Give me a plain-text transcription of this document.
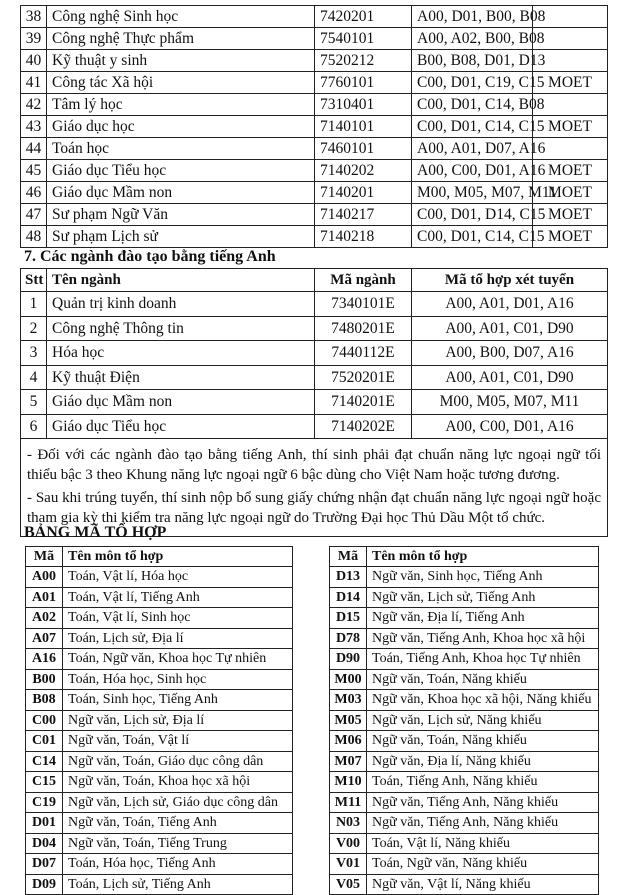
38	Công nghệ Sinh học	7420201	A00, D01, B00, B08	
39	Công nghệ Thực phẩm	7540101	A00, A02, B00, B08	
40	Kỹ thuật y sinh	7520212	B00, B08, D01, D13	
41	Công tác Xã hội	7760101	C00, D01, C19, C15	MOET
42	Tâm lý học	7310401	C00, D01, C14, B08	
43	Giáo dục học	7140101	C00, D01, C14, C15	MOET
44	Toán học	7460101	A00, A01, D07, A16	
45	Giáo dục Tiểu học	7140202	A00, C00, D01, A16	MOET
46	Giáo dục Mầm non	7140201	M00, M05, M07, M11	MOET
47	Sư phạm Ngữ Văn	7140217	C00, D01, D14, C15	MOET
48	Sư phạm Lịch sử	7140218	C00, D01, C14, C15	MOET
7. Các ngành đào tạo bằng tiếng Anh
Stt	Tên ngành	Mã ngành	Mã tổ hợp xét tuyển
1	Quản trị kinh doanh	7340101E	A00, A01, D01, A16
2	Công nghệ Thông tin	7480201E	A00, A01, C01, D90
3	Hóa học	7440112E	A00, B00, D07, A16
4	Kỹ thuật Điện	7520201E	A00, A01, C01, D90
5	Giáo dục Mầm non	7140201E	M00, M05, M07, M11
6	Giáo dục Tiểu học	7140202E	A00, C00, D01, A16

- Đối với các ngành đào tạo bằng tiếng Anh, thí sinh phải đạt chuẩn năng lực ngoại ngữ tối thiểu bậc 3 theo Khung năng lực ngoại ngữ 6 bậc dùng cho Việt Nam hoặc tương đương.

- Sau khi trúng tuyển, thí sinh nộp bổ sung giấy chứng nhận đạt chuẩn năng lực ngoại ngữ hoặc tham gia kỳ thi kiểm tra năng lực ngoại ngữ do Trường Đại học Thủ Dầu Một tổ chức.			

BẢNG MÃ TỔ HỢP
Mã	Tên môn tổ hợp
A00	Toán, Vật lí, Hóa học
A01	Toán, Vật lí, Tiếng Anh
A02	Toán, Vật lí, Sinh học
A07	Toán, Lịch sử, Địa lí
A16	Toán, Ngữ văn, Khoa học Tự nhiên
B00	Toán, Hóa học, Sinh học
B08	Toán, Sinh học, Tiếng Anh
C00	Ngữ văn, Lịch sử, Địa lí
C01	Ngữ văn, Toán, Vật lí
C14	Ngữ văn, Toán, Giáo dục công dân
C15	Ngữ văn, Toán, Khoa học xã hội
C19	Ngữ văn, Lịch sử, Giáo dục công dân
D01	Ngữ văn, Toán, Tiếng Anh
D04	Ngữ văn, Toán, Tiếng Trung
D07	Toán, Hóa học, Tiếng Anh
D09	Toán, Lịch sử, Tiếng Anh
Mã	Tên môn tổ hợp
D13	Ngữ văn, Sinh học, Tiếng Anh
D14	Ngữ văn, Lịch sử, Tiếng Anh
D15	Ngữ văn, Địa lí, Tiếng Anh
D78	Ngữ văn, Tiếng Anh, Khoa học xã hội
D90	Toán, Tiếng Anh, Khoa học Tự nhiên
M00	Ngữ văn, Toán, Năng khiếu
M03	Ngữ văn, Khoa học xã hội, Năng khiếu
M05	Ngữ văn, Lịch sử, Năng khiếu
M06	Ngữ văn, Toán, Năng khiếu
M07	Ngữ văn, Địa lí, Năng khiếu
M10	Toán, Tiếng Anh, Năng khiếu
M11	Ngữ văn, Tiếng Anh, Năng khiếu
N03	Ngữ văn, Tiếng Anh, Năng khiếu
V00	Toán, Vật lí, Năng khiếu
V01	Toán, Ngữ văn, Năng khiếu
V05	Ngữ văn, Vật lí, Năng khiếu
